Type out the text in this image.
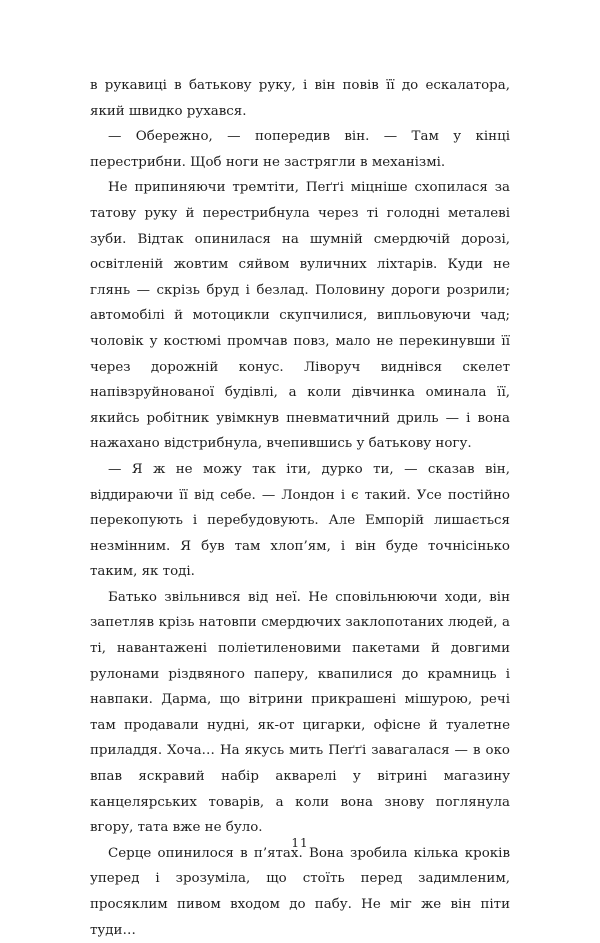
в рукавиці в батькову руку, і він повів її до ескалатора, який швидко рухався.

— Обережно, — попередив він. — Там у кінці перестрибни. Щоб ноги не застрягли в механізмі.

Не припиняючи тремтіти, Пеґґі міцніше схопилася за татову руку й перестрибнула через ті голодні металеві зуби. Відтак опинилася на шумній смердючій дорозі, освітленій жовтим сяйвом вуличних ліхтарів. Куди не глянь — скрізь бруд і безлад. Половину дороги розрили; автомобілі й мотоцикли скупчилися, випльовуючи чад; чоловік у костюмі промчав повз, мало не перекинувши її через дорожній конус. Ліворуч виднівся скелет напівзруйнованої будівлі, а коли дівчинка оминала її, якийсь робітник увімкнув пневматичний дриль — і вона нажахано відстрибнула, вчепившись у батькову ногу.

— Я ж не можу так іти, дурко ти, — сказав він, віддираючи її від себе. — Лондон і є такий. Усе постійно перекопують і перебудовують. Але Емпорій лишається незмінним. Я був там хлоп’ям, і він буде точнісінько таким, як тоді.

Батько звільнився від неї. Не сповільнюючи ходи, він запетляв крізь натовпи смердючих заклопотаних людей, а ті, навантажені поліетиленовими пакетами й довгими рулонами різдвяного паперу, квапилися до крамниць і навпаки. Дарма, що вітрини прикрашені мішурою, речі там продавали нудні, як-от цигарки, офісне й туалетне приладдя. Хоча… На якусь мить Пеґґі завагалася — в око впав яскравий набір акварелі у вітрині магазину канцелярських товарів, а коли вона знову поглянула вгору, тата вже не було.

Серце опинилося в п’ятах. Вона зробила кілька кроків уперед і зрозуміла, що стоїть перед задимленим, просяклим пивом входом до пабу. Не міг же він піти туди…

11
